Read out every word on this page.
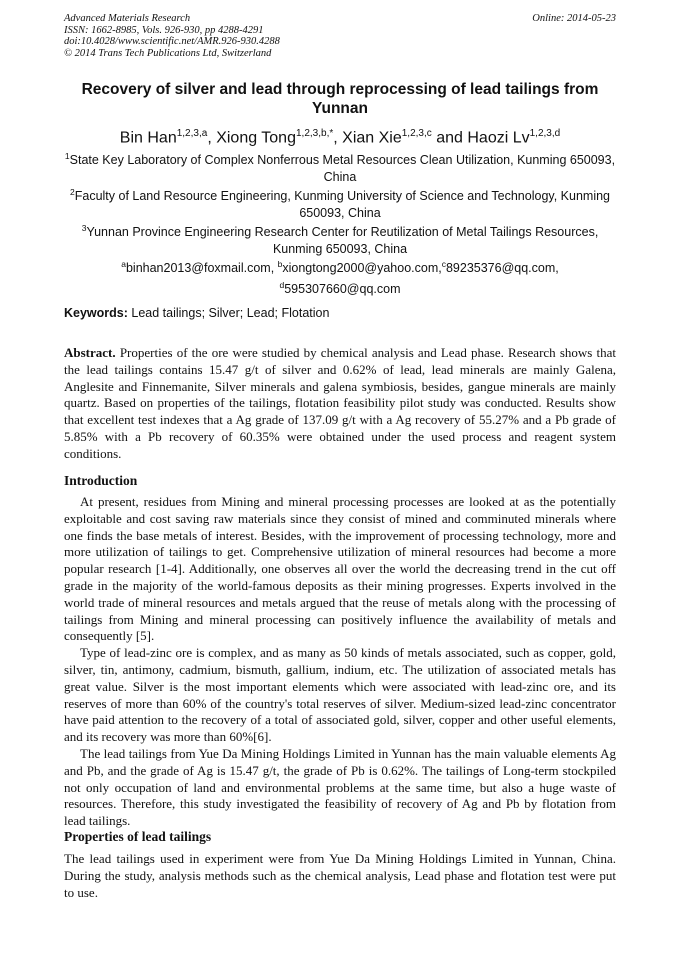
Advanced Materials Research
ISSN: 1662-8985, Vols. 926-930, pp 4288-4291
doi:10.4028/www.scientific.net/AMR.926-930.4288
© 2014 Trans Tech Publications Ltd, Switzerland
Online: 2014-05-23
Recovery of silver and lead through reprocessing of lead tailings from Yunnan
Bin Han$^{1,2,3,a}$, Xiong Tong$^{1,2,3,b,*}$, Xian Xie$^{1,2,3,c}$ and Haozi Lv$^{1,2,3,d}$
$^1$State Key Laboratory of Complex Nonferrous Metal Resources Clean Utilization, Kunming 650093, China
$^2$Faculty of Land Resource Engineering, Kunming University of Science and Technology, Kunming 650093, China
$^3$Yunnan Province Engineering Research Center for Reutilization of Metal Tailings Resources, Kunming 650093, China
$^a$binhan2013@foxmail.com, $^b$xiongtong2000@yahoo.com,$^c$89235376@qq.com,
$^d$595307660@qq.com
Keywords: Lead tailings; Silver; Lead; Flotation
Abstract. Properties of the ore were studied by chemical analysis and Lead phase. Research shows that the lead tailings contains 15.47 g/t of silver and 0.62% of lead, lead minerals are mainly Galena, Anglesite and Finnemanite, Silver minerals and galena symbiosis, besides, gangue minerals are mainly quartz. Based on properties of the tailings, flotation feasibility pilot study was conducted. Results show that excellent test indexes that a Ag grade of 137.09 g/t with a Ag recovery of 55.27% and a Pb grade of 5.85% with a Pb recovery of 60.35% were obtained under the used process and reagent system conditions.
Introduction

At present, residues from Mining and mineral processing processes are looked at as the potentially exploitable and cost saving raw materials since they consist of mined and comminuted minerals where one finds the base metals of interest. Besides, with the improvement of processing technology, more and more utilization of tailings to get. Comprehensive utilization of mineral resources had become a more popular research [1-4]. Additionally, one observes all over the world the decreasing trend in the cut off grade in the majority of the world-famous deposits as their mining progresses. Experts involved in the world trade of mineral resources and metals argued that the reuse of metals along with the processing of tailings from Mining and mineral processing can positively influence the availability of metals and consequently [5].

Type of lead-zinc ore is complex, and as many as 50 kinds of metals associated, such as copper, gold, silver, tin, antimony, cadmium, bismuth, gallium, indium, etc. The utilization of associated metals has great value. Silver is the most important elements which were associated with lead-zinc ore, and its reserves of more than 60% of the country's total reserves of silver. Medium-sized lead-zinc concentrator have paid attention to the recovery of a total of associated gold, silver, copper and other useful elements, and its recovery was more than 60%[6].

The lead tailings from Yue Da Mining Holdings Limited in Yunnan has the main valuable elements Ag and Pb, and the grade of Ag is 15.47 g/t, the grade of Pb is 0.62%. The tailings of Long-term stockpiled not only occupation of land and environmental problems at the same time, but also a huge waste of resources. Therefore, this study investigated the feasibility of recovery of Ag and Pb by flotation from lead tailings.

Properties of lead tailings

The lead tailings used in experiment were from Yue Da Mining Holdings Limited in Yunnan, China. During the study, analysis methods such as the chemical analysis, Lead phase and flotation test were put to use.
